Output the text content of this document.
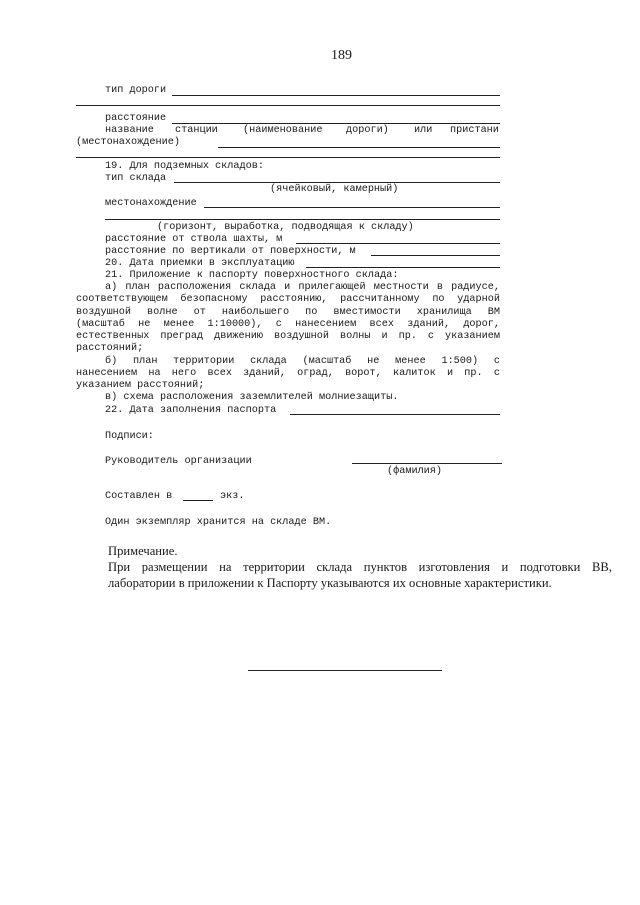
189
тип дороги
расстояние
название станции (наименование дороги) или пристани
(местонахождение)
19. Для подземных складов:
тип склада
(ячейковый, камерный)
местонахождение
(горизонт, выработка, подводящая к складу)
расстояние от ствола шахты, м
расстояние по вертикали от поверхности, м
20. Дата приемки в эксплуатацию
21. Приложение к паспорту поверхностного склада:
а) план расположения склада и прилегающей местности в радиусе,
соответствующем безопасному расстоянию, рассчитанному по ударной
воздушной волне от наибольшего по вместимости хранилища ВМ
(масштаб не менее 1:10000), с нанесением всех зданий, дорог,
естественных преград движению воздушной волны и пр. с указанием
расстояний;
б) план территории склада (масштаб не менее 1:500) с
нанесением на него всех зданий, оград, ворот, калиток и пр. с
указанием расстояний;
в) схема расположения заземлителей молниезащиты.
22. Дата заполнения паспорта
Подписи:
Руководитель организации
(фамилия)
Составлен в	экз.
Один экземпляр хранится на складе ВМ.
Примечание.
При размещении на территории склада пунктов изготовления и подготовки ВВ,
лаборатории в приложении к Паспорту указываются их основные характеристики.
